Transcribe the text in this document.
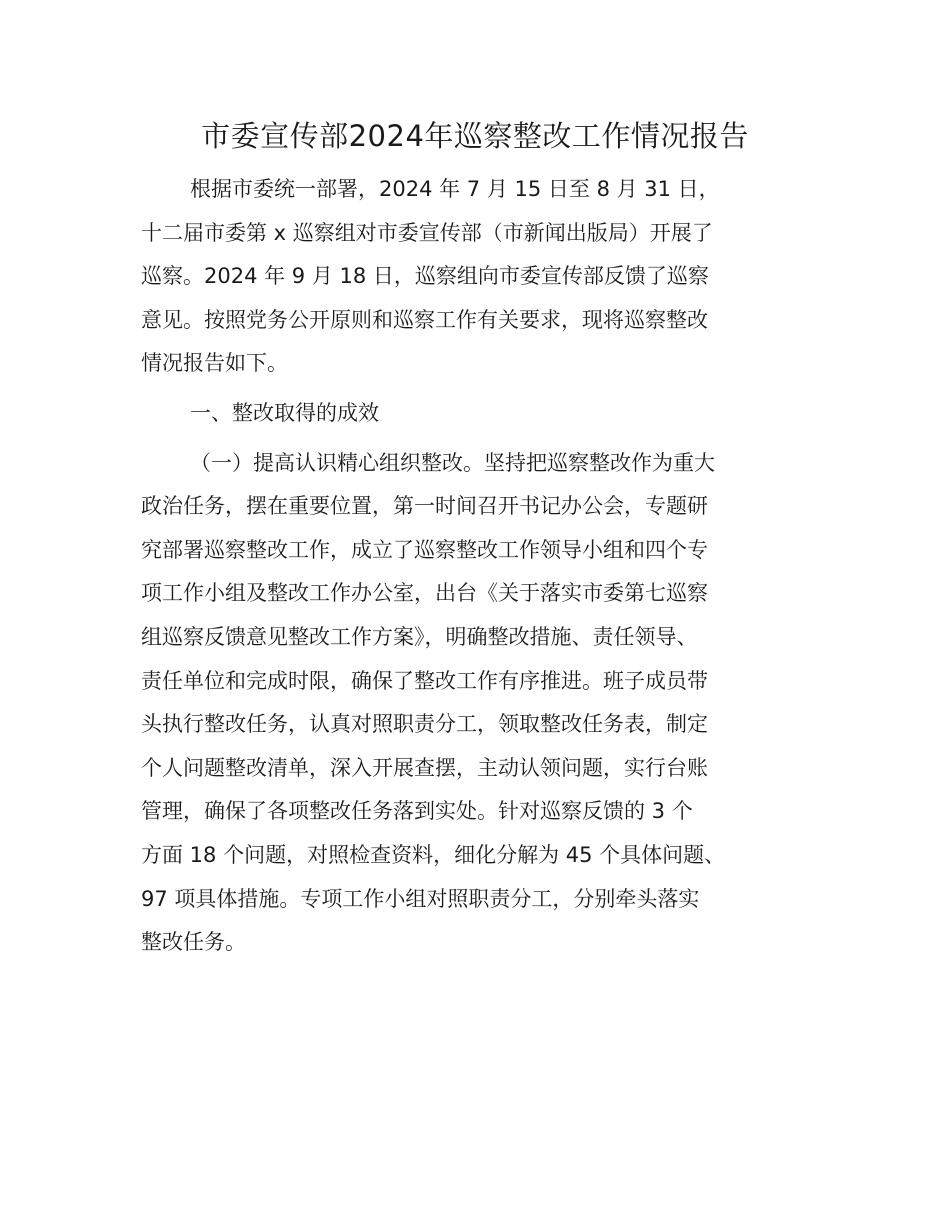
市委宣传部2024年巡察整改工作情况报告
根据市委统一部署，2024 年 7 月 15 日至 8 月 31 日，
十二届市委第 x 巡察组对市委宣传部（市新闻出版局）开展了
巡察。2024 年 9 月 18 日，巡察组向市委宣传部反馈了巡察
意见。按照党务公开原则和巡察工作有关要求，现将巡察整改
情况报告如下。
一、整改取得的成效
（一）提高认识精心组织整改。坚持把巡察整改作为重大
政治任务，摆在重要位置，第一时间召开书记办公会，专题研
究部署巡察整改工作，成立了巡察整改工作领导小组和四个专
项工作小组及整改工作办公室，出台《关于落实市委第七巡察
组巡察反馈意见整改工作方案》，明确整改措施、责任领导、
责任单位和完成时限，确保了整改工作有序推进。班子成员带
头执行整改任务，认真对照职责分工，领取整改任务表，制定
个人问题整改清单，深入开展查摆，主动认领问题，实行台账
管理，确保了各项整改任务落到实处。针对巡察反馈的 3 个
方面 18 个问题，对照检查资料，细化分解为 45 个具体问题、
97 项具体措施。专项工作小组对照职责分工，分别牵头落实
整改任务。
